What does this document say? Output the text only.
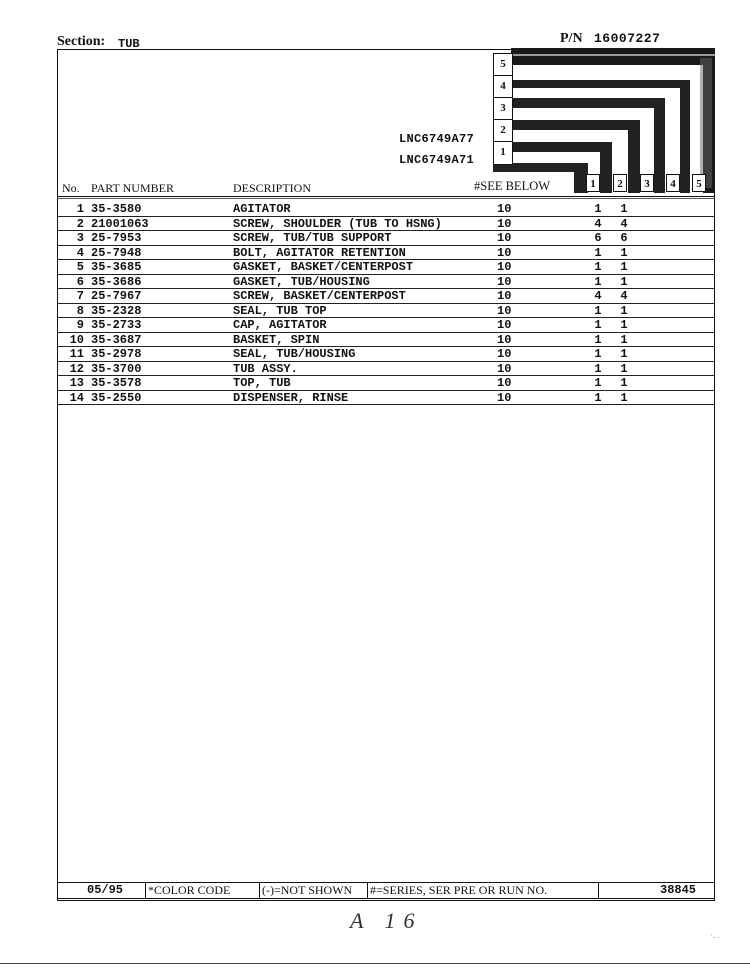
Section: TUB	P/N 16007227
LNC6749A77
LNC6749A71
5
4
3
2
1
1	2	3	4	5
No. PART NUMBER	DESCRIPTION	#SEE BELOW
1 35-3580	AGITATOR	10	1 1
2 21001063	SCREW, SHOULDER (TUB TO HSNG)	10	4 4
3 25-7953	SCREW, TUB/TUB SUPPORT	10	6 6
4 25-7948	BOLT, AGITATOR RETENTION	10	1 1
5 35-3685	GASKET, BASKET/CENTERPOST	10	1 1
6 35-3686	GASKET, TUB/HOUSING	10	1 1
7 25-7967	SCREW, BASKET/CENTERPOST	10	4 4
8 35-2328	SEAL, TUB TOP	10	1 1
9 35-2733	CAP, AGITATOR	10	1 1
10 35-3687	BASKET, SPIN	10	1 1
11 35-2978	SEAL, TUB/HOUSING	10	1 1
12 35-3700	TUB ASSY.	10	1 1
13 35-3578	TOP, TUB	10	1 1
14 35-2550	DISPENSER, RINSE	10	1 1
05/95 *COLOR CODE	(-)=NOT SHOWN #=SERIES, SER PRE OR RUN NO.	38845
A 16
·. .
